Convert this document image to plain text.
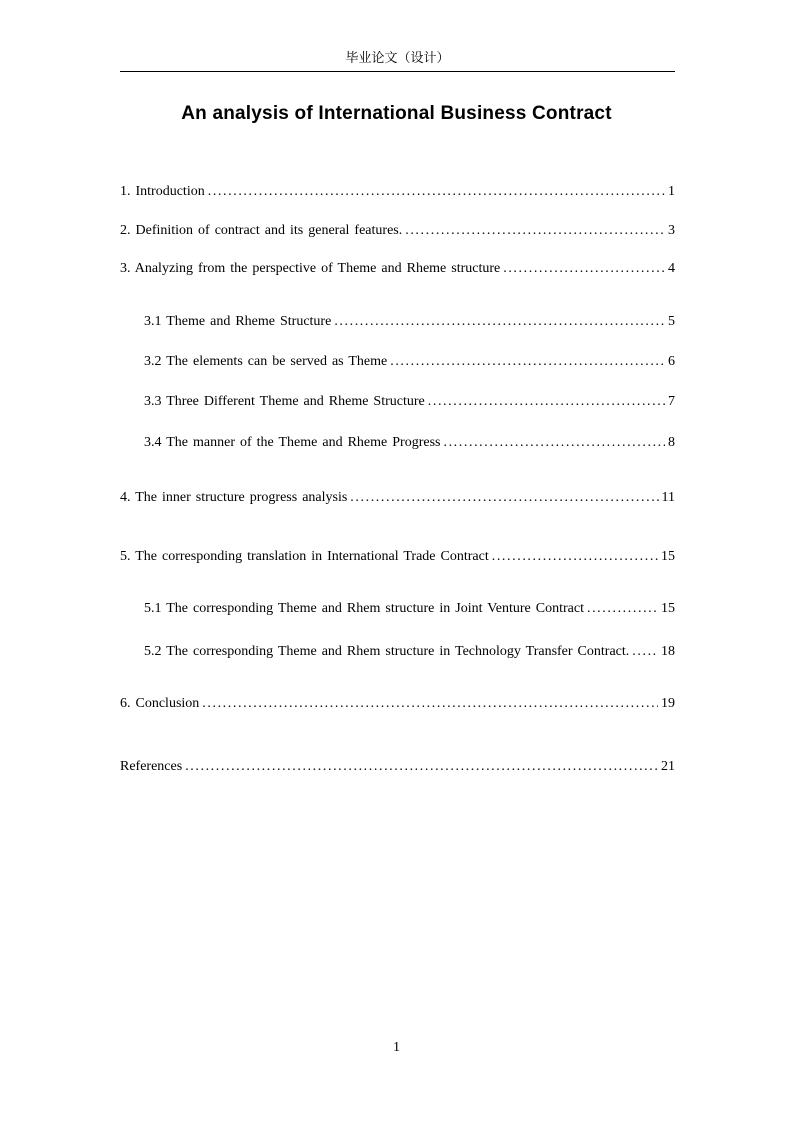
毕业论文（设计）
An analysis of International Business Contract
1. Introduction .....	1
2. Definition of contract and its general features. .....	3
3. Analyzing from the perspective of Theme and Rheme structure .....	4
3.1 Theme and Rheme Structure .....	5
3.2 The elements can be served as Theme .....	6
3.3 Three Different Theme and Rheme Structure .....	7
3.4 The manner of the Theme and Rheme Progress .....	8
4. The inner structure progress analysis .....	11
5. The corresponding translation in International Trade Contract .....	15
5.1 The corresponding Theme and Rhem structure in Joint Venture Contract .....	15
5.2 The corresponding Theme and Rhem structure in Technology Transfer Contract. ..... 18
6. Conclusion .....	19
References .....	21
1
